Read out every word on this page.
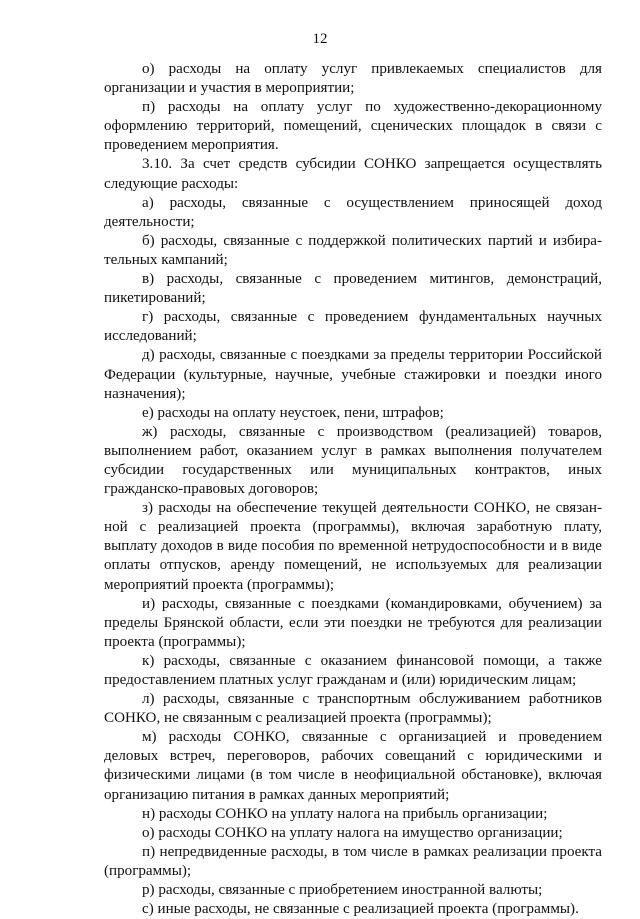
12

о) расходы на оплату услуг привлекаемых специалистов для организации и участия в мероприятии;

п) расходы на оплату услуг по художественно-декорационному оформлению территорий, помещений, сценических площадок в связи с проведением мероприятия.

3.10. За счет средств субсидии СОНКО запрещается осуществлять следующие расходы:

а) расходы, связанные с осуществлением приносящей доход деятельности;

б) расходы, связанные с поддержкой политических партий и избирательных кампаний;

в) расходы, связанные с проведением митингов, демонстраций, пикетирований;

г) расходы, связанные с проведением фундаментальных научных исследований;

д) расходы, связанные с поездками за пределы территории Российской Федерации (культурные, научные, учебные стажировки и поездки иного назначения);

е) расходы на оплату неустоек, пени, штрафов;

ж) расходы, связанные с производством (реализацией) товаров, выполнением работ, оказанием услуг в рамках выполнения получателем субсидии государственных или муниципальных контрактов, иных гражданско-правовых договоров;

з) расходы на обеспечение текущей деятельности СОНКО, не связанной с реализацией проекта (программы), включая заработную плату, выплату доходов в виде пособия по временной нетрудоспособности и в виде оплаты отпусков, аренду помещений, не используемых для реализации мероприятий проекта (программы);

и) расходы, связанные с поездками (командировками, обучением) за пределы Брянской области, если эти поездки не требуются для реализации проекта (программы);

к) расходы, связанные с оказанием финансовой помощи, а также предоставлением платных услуг гражданам и (или) юридическим лицам;

л) расходы, связанные с транспортным обслуживанием работников СОНКО, не связанным с реализацией проекта (программы);

м) расходы СОНКО, связанные с организацией и проведением деловых встреч, переговоров, рабочих совещаний с юридическими и физическими лицами (в том числе в неофициальной обстановке), включая организацию питания в рамках данных мероприятий;

н) расходы СОНКО на уплату налога на прибыль организации;

о) расходы СОНКО на уплату налога на имущество организации;

п) непредвиденные расходы, в том числе в рамках реализации проекта (программы);

р) расходы, связанные с приобретением иностранной валюты;

с) иные расходы, не связанные с реализацией проекта (программы).
